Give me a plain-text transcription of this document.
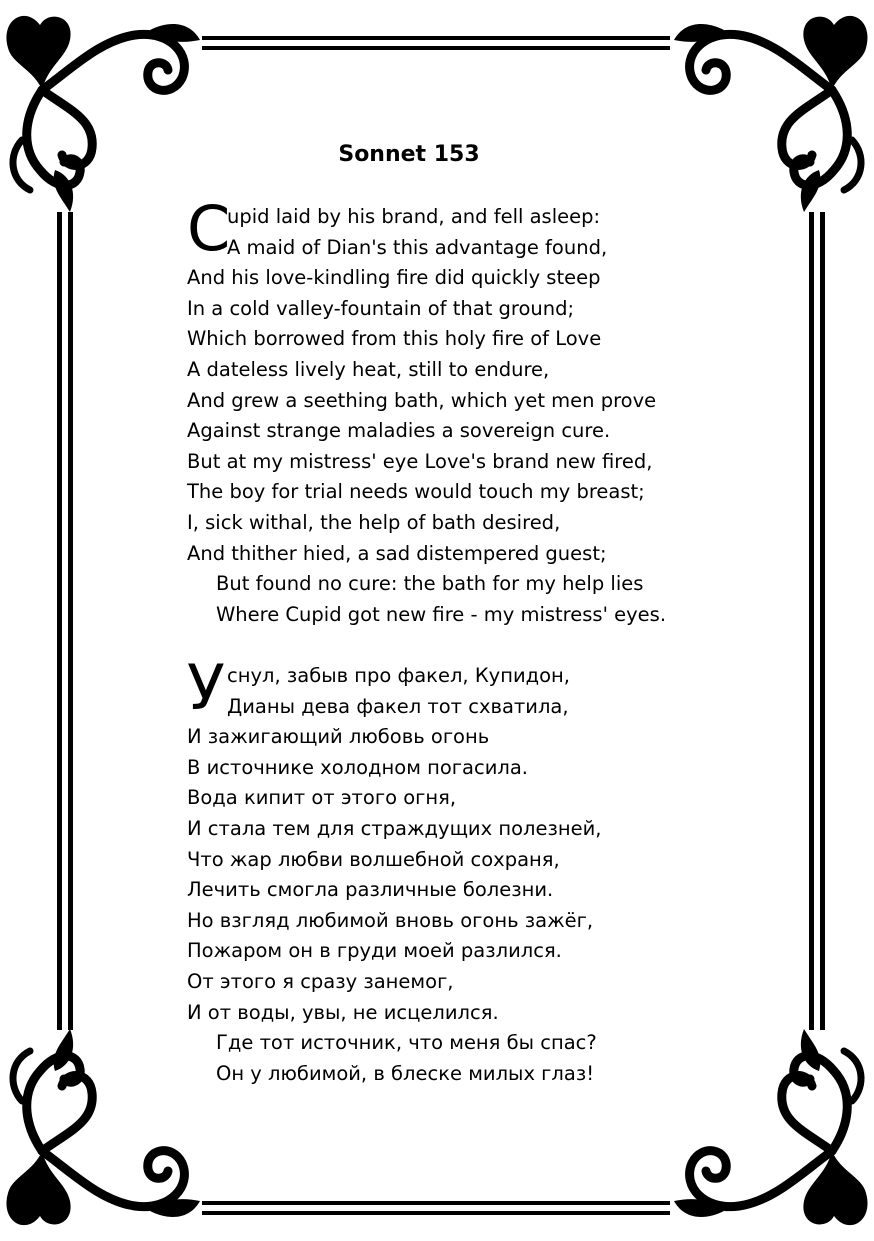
Sonnet 153
C
upid laid by his brand, and fell asleep:
A maid of Dian's this advantage found,
And his love-kindling fire did quickly steep
In a cold valley-fountain of that ground;
Which borrowed from this holy fire of Love
A dateless lively heat, still to endure,
And grew a seething bath, which yet men prove
Against strange maladies a sovereign cure.
But at my mistress' eye Love's brand new fired,
The boy for trial needs would touch my breast;
I, sick withal, the help of bath desired,
And thither hied, a sad distempered guest;
But found no cure: the bath for my help lies
Where Cupid got new fire - my mistress' eyes.
У снул, забыв про факел, Купидон,
Дианы дева факел тот схватила,
И зажигающий любовь огонь
В источнике холодном погасила.
Вода кипит от этого огня,
И стала тем для страждущих полезней,
Что жар любви волшебной сохраня,
Лечить смогла различные болезни.
Но взгляд любимой вновь огонь зажёг,
Пожаром он в груди моей разлился.
От этого я сразу занемог,
И от воды, увы, не исцелился.
Где тот источник, что меня бы спас?
Он у любимой, в блеске милых глаз!
